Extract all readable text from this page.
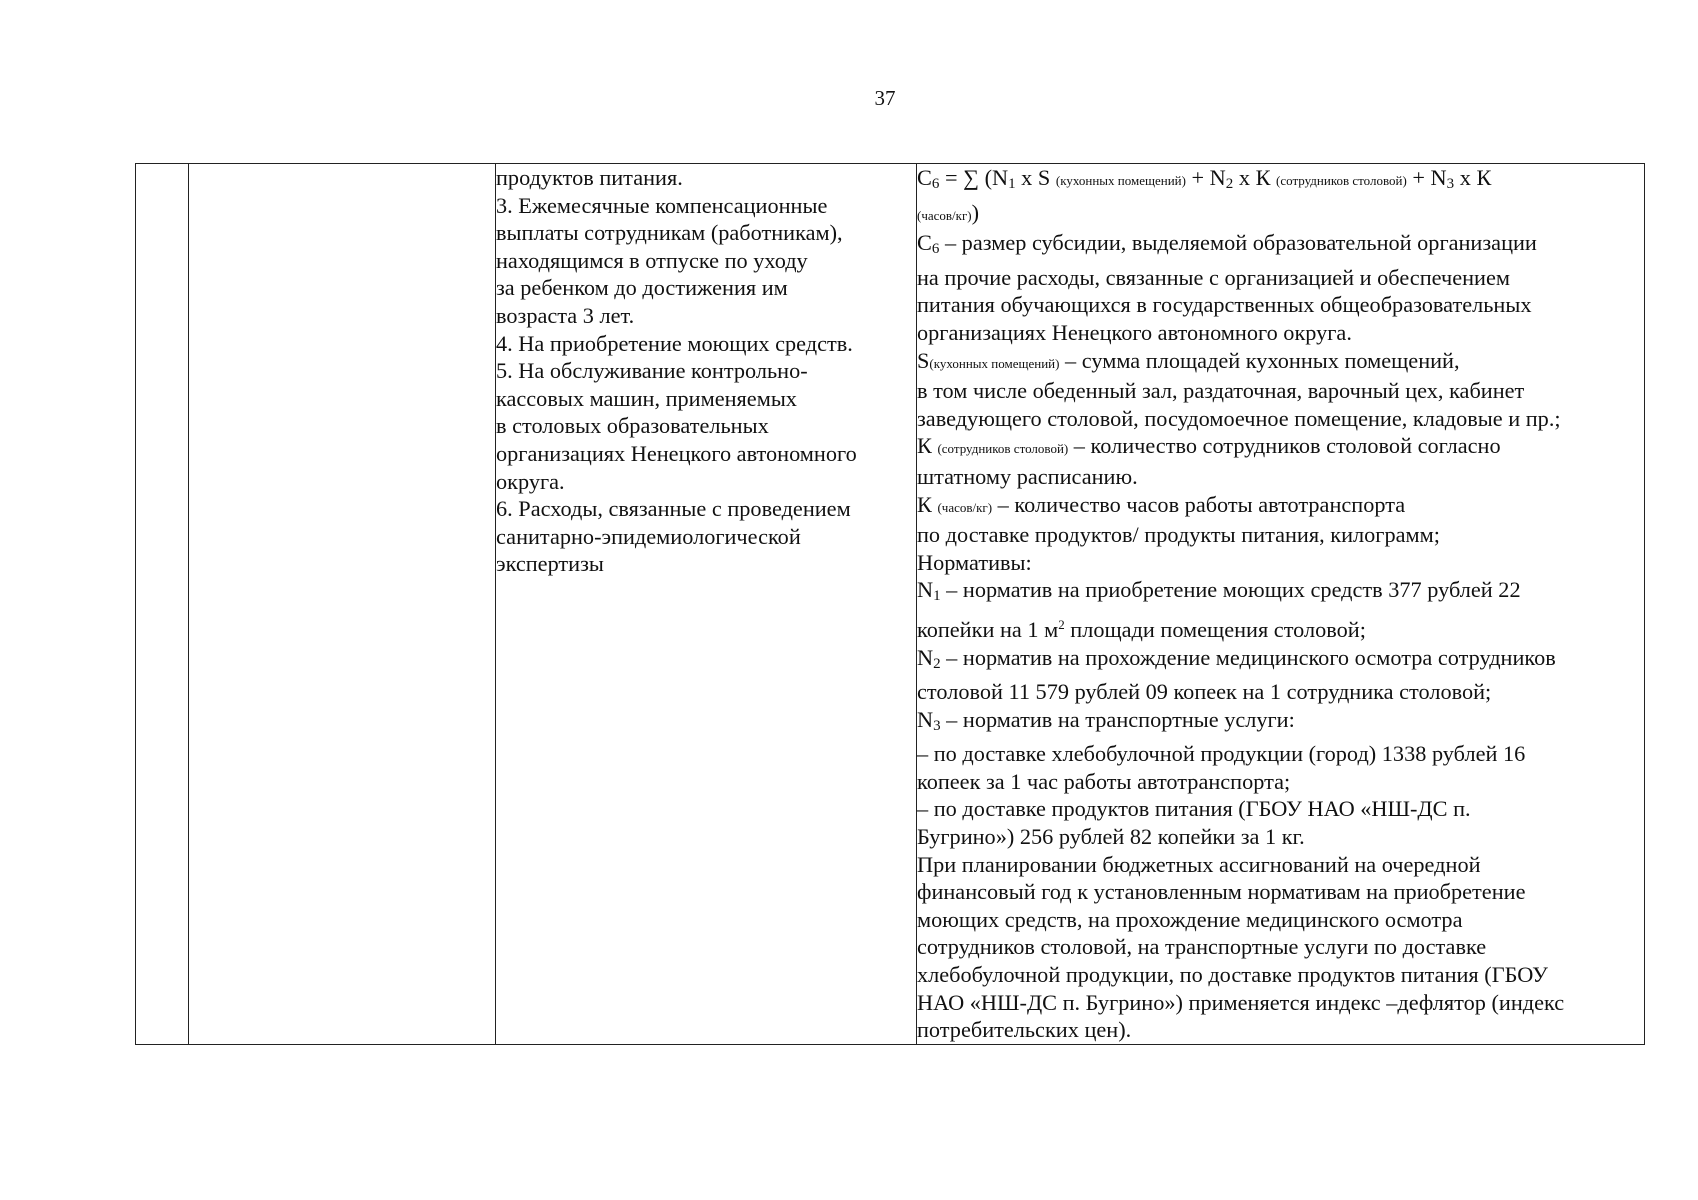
37

продуктов питания.
3. Ежемесячные компенсационные
выплаты сотрудникам (работникам),
находящимся в отпуске по уходу
за ребенком до достижения им
возраста 3 лет.
4. На приобретение моющих средств.
5. На обслуживание контрольно-
кассовых машин, применяемых
в столовых образовательных
организациях Ненецкого автономного
округа.
6. Расходы, связанные с проведением
санитарно-эпидемиологической
экспертизы

С6 = ∑ (N1 x S (кухонных помещений) + N2 x К (сотрудников столовой) + N3 x К
(часов/кг))
С6 – размер субсидии, выделяемой образовательной организации
на прочие расходы, связанные с организацией и обеспечением
питания обучающихся в государственных общеобразовательных
организациях Ненецкого автономного округа.
S(кухонных помещений) – сумма площадей кухонных помещений,
в том числе обеденный зал, раздаточная, варочный цех, кабинет
заведующего столовой, посудомоечное помещение, кладовые и пр.;
К (сотрудников столовой) – количество сотрудников столовой согласно
штатному расписанию.
К (часов/кг) – количество часов работы автотранспорта
по доставке продуктов/ продукты питания, килограмм;
Нормативы:
N1 – норматив на приобретение моющих средств 377 рублей 22
копейки на 1 $м^2$ площади помещения столовой;
N2 – норматив на прохождение медицинского осмотра сотрудников
столовой 11 579 рублей 09 копеек на 1 сотрудника столовой;
N3 – норматив на транспортные услуги:
– по доставке хлебобулочной продукции (город) 1338 рублей 16
копеек за 1 час работы автотранспорта;
– по доставке продуктов питания (ГБОУ НАО «НШ-ДС п.
Бугрино») 256 рублей 82 копейки за 1 кг.
При планировании бюджетных ассигнований на очередной
финансовый год к установленным нормативам на приобретение
моющих средств, на прохождение медицинского осмотра
сотрудников столовой, на транспортные услуги по доставке
хлебобулочной продукции, по доставке продуктов питания (ГБОУ
НАО «НШ-ДС п. Бугрино») применяется индекс –дефлятор (индекс
потребительских цен).
